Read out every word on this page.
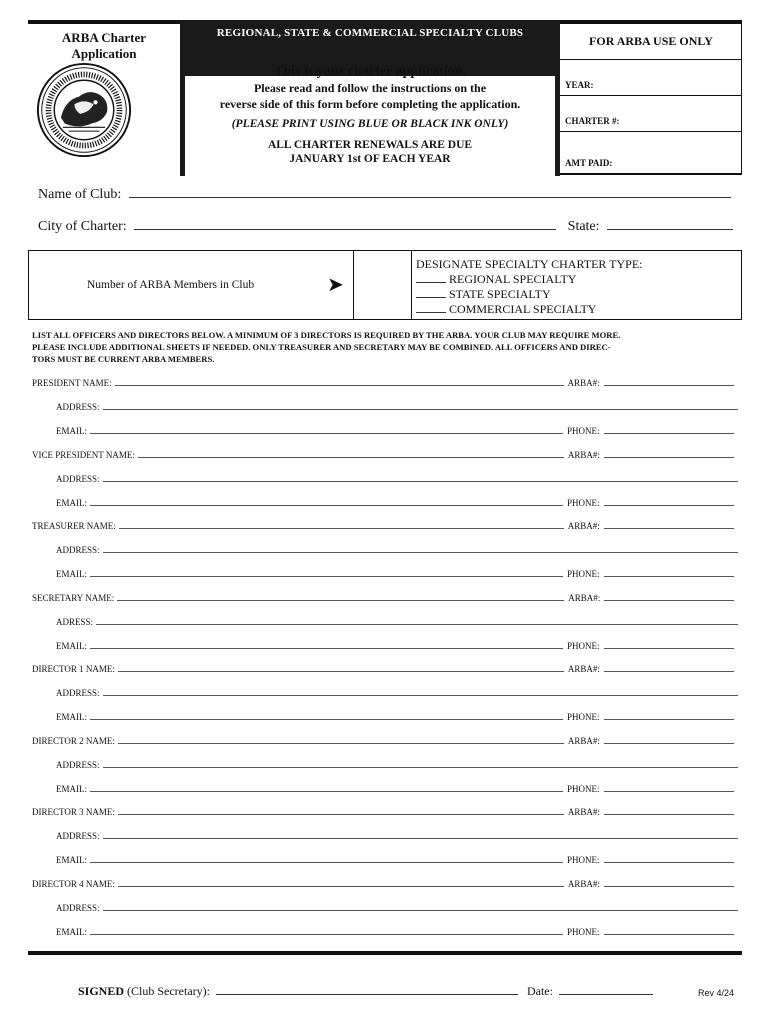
ARBA Charter
Application
REGIONAL, STATE & COMMERCIAL SPECIALTY CLUBS
This is your charter application.
Please read and follow the instructions on the
reverse side of this form before completing the application.
(PLEASE PRINT USING BLUE OR BLACK INK ONLY)
ALL CHARTER RENEWALS ARE DUE
JANUARY 1st OF EACH YEAR
FOR ARBA USE ONLY
YEAR:
CHARTER #:
AMT PAID:
Name of Club:
City of Charter:	State:
Number of ARBA Members in Club	➤
DESIGNATE SPECIALTY CHARTER TYPE:
REGIONAL SPECIALTY
STATE SPECIALTY
COMMERCIAL SPECIALTY
LIST ALL OFFICERS AND DIRECTORS BELOW. A MINIMUM OF 3 DIRECTORS IS REQUIRED BY THE ARBA. YOUR CLUB MAY REQUIRE MORE.
PLEASE INCLUDE ADDITIONAL SHEETS IF NEEDED. ONLY TREASURER AND SECRETARY MAY BE COMBINED. ALL OFFICERS AND DIREC-
TORS MUST BE CURRENT ARBA MEMBERS.
PRESIDENT NAME:	ARBA#:
ADDRESS:
EMAIL:	PHONE:
VICE PRESIDENT NAME:	ARBA#:
ADDRESS:
EMAIL:	PHONE:
TREASURER NAME:	ARBA#:
ADDRESS:
EMAIL:	PHONE:
SECRETARY NAME:	ARBA#:
ADRESS:
EMAIL:	PHONE:
DIRECTOR 1 NAME:	ARBA#:
ADDRESS:
EMAIL:	PHONE:
DIRECTOR 2 NAME:	ARBA#:
ADDRESS:
EMAIL:	PHONE:
DIRECTOR 3 NAME:	ARBA#:
ADDRESS:
EMAIL:	PHONE:
DIRECTOR 4 NAME:	ARBA#:
ADDRESS:
EMAIL:	PHONE:
SIGNED (Club Secretary):	Date:	Rev 4/24
